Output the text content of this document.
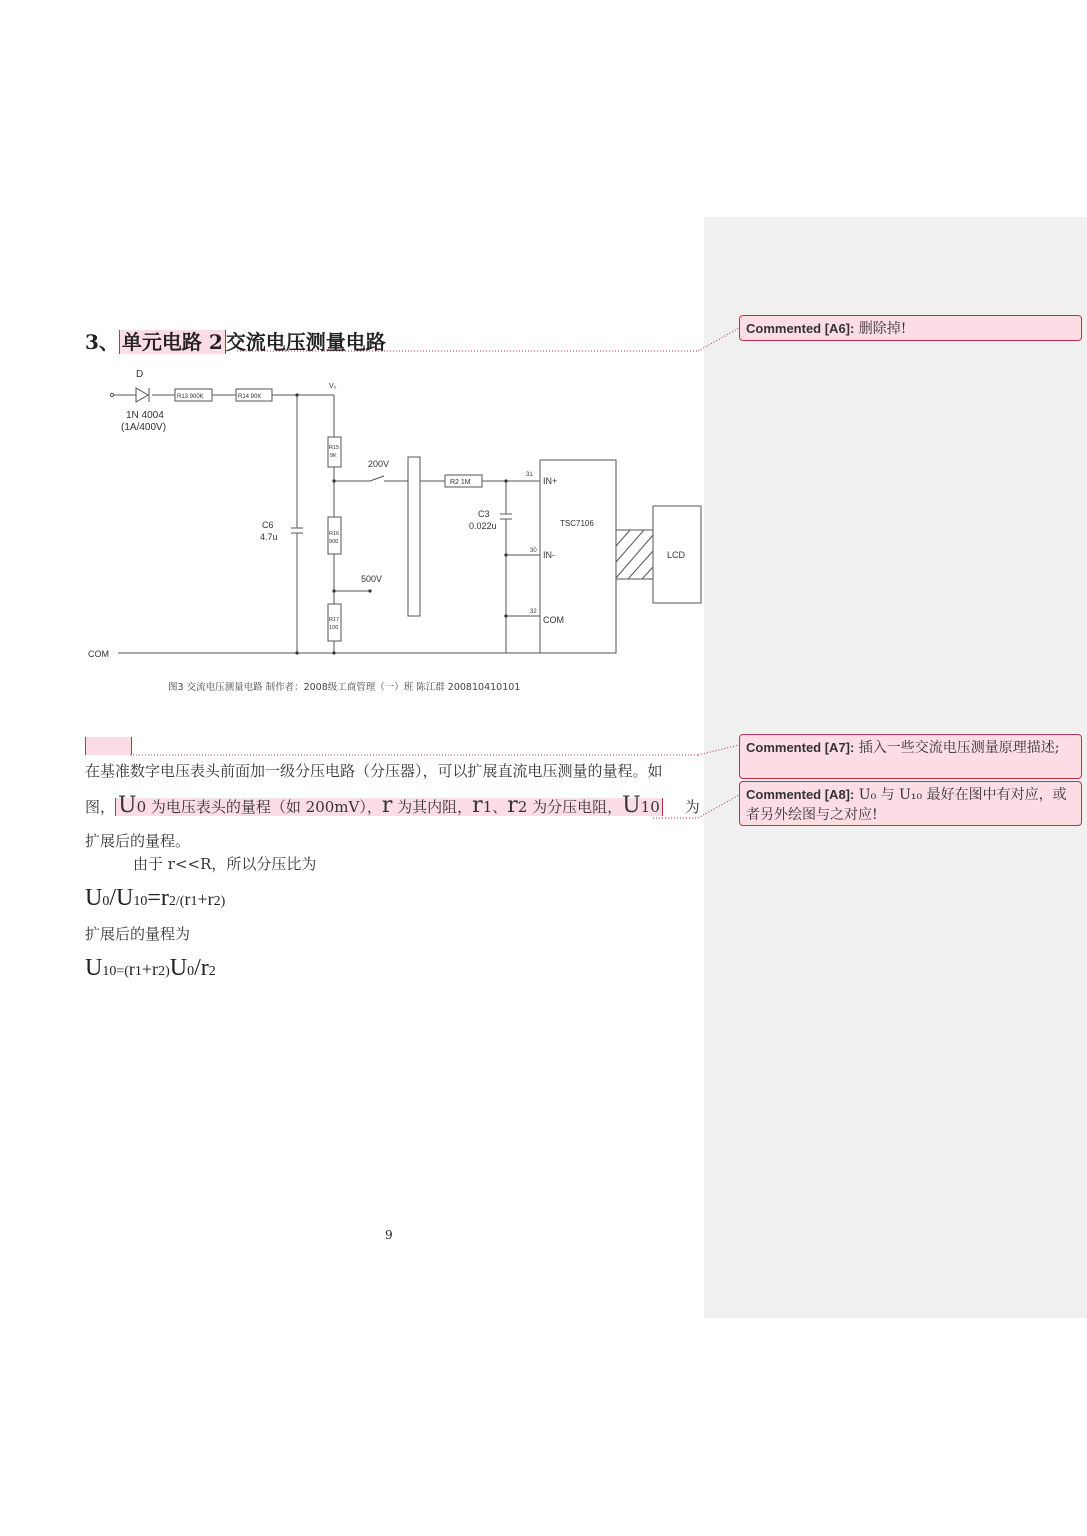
3、 单元电路 2 交流电压测量电路
D
R13 900K	R14 90K
1N 4004
(1A/400V)
V₀
R15
9K
200V
R2 1M
31
IN+
C3
0.022u	TSC7106
C6
4.7u	R16
900
30 IN-	LCD
500V
32
COM
R17
100
COM
图3 交流电压测量电路 制作者：2008级工商管理（一）班 陈江群 200810410101
在基准数字电压表头前面加一级分压电路（分压器），可以扩展直流电压测量的量程。如
图， U0 为电压表头的量程（如 200mV），r 为其内阻，r1、r2 为分压电阻，U10 为
扩展后的量程。
由于 r<<R，所以分压比为
U0/U10=r2/(r1+r2)
扩展后的量程为
U10=(r1+r2)U0/r2
9
Commented [A6]: 删除掉!
Commented [A7]: 插入一些交流电压测量原理描述;
Commented [A8]: U₀ 与 U₁₀ 最好在图中有对应，或者另外绘图与之对应!
